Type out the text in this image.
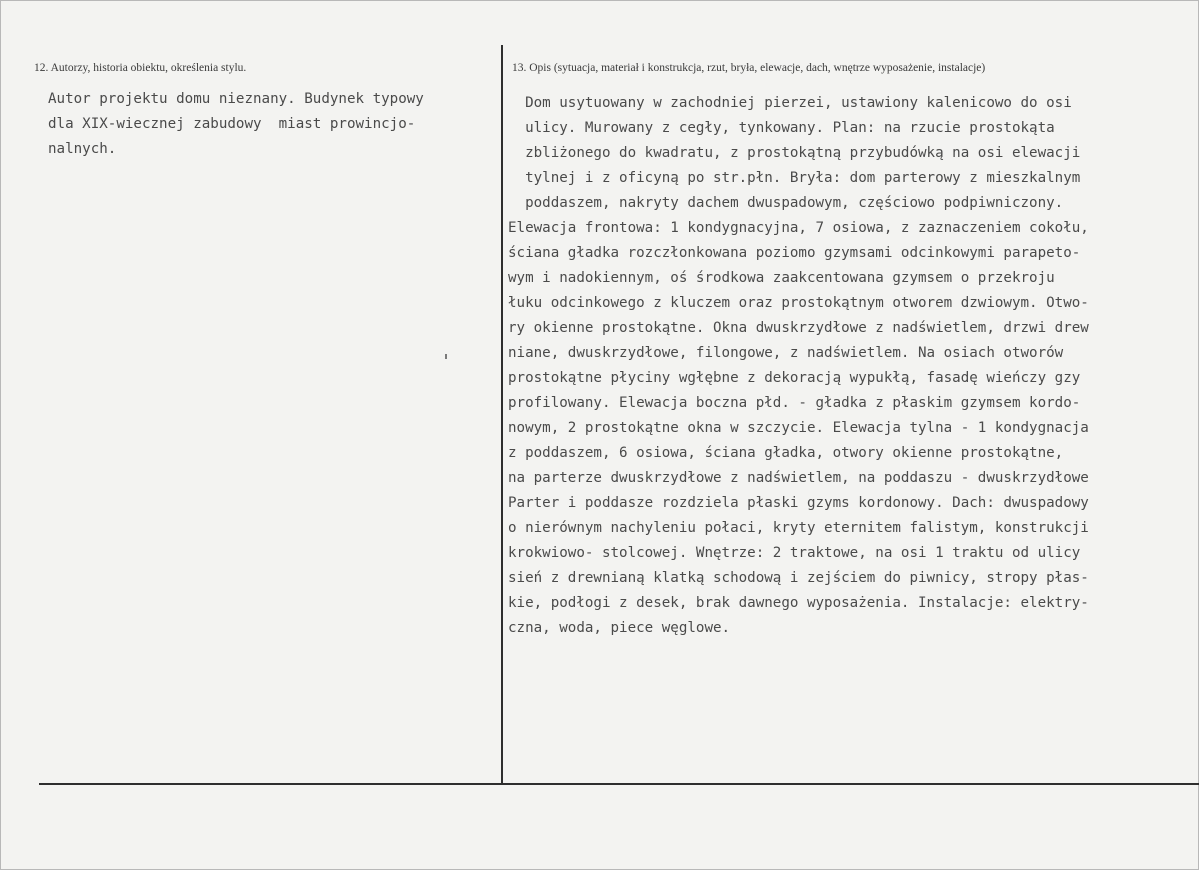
12. Autorzy, historia obiektu, określenia stylu.	13. Opis (sytuacja, materiał i konstrukcja, rzut, bryła, elewacje, dach, wnętrze wyposażenie, instalacje)
Autor projektu domu nieznany. Budynek typowy
dla XIX-wiecznej zabudowy  miast prowincjo-
nalnych.
Dom usytuowany w zachodniej pierzei, ustawiony kalenicowo do osi
ulicy. Murowany z cegły, tynkowany. Plan: na rzucie prostokąta
zbliżonego do kwadratu, z prostokątną przybudówką na osi elewacji
tylnej i z oficyną po str.płn. Bryła: dom parterowy z mieszkalnym
poddaszem, nakryty dachem dwuspadowym, częściowo podpiwniczony.
Elewacja frontowa: 1 kondygnacyjna, 7 osiowa, z zaznaczeniem cokołu,
ściana gładka rozczłonkowana poziomo gzymsami odcinkowymi parapeto-
wym i nadokiennym, oś środkowa zaakcentowana gzymsem o przekroju
łuku odcinkowego z kluczem oraz prostokątnym otworem dzwiowym. Otwo-
ry okienne prostokątne. Okna dwuskrzydłowe z nadświetlem, drzwi drew
niane, dwuskrzydłowe, filongowe, z nadświetlem. Na osiach otworów
prostokątne płyciny wgłębne z dekoracją wypukłą, fasadę wieńczy gzy
profilowany. Elewacja boczna płd. - gładka z płaskim gzymsem kordo-
nowym, 2 prostokątne okna w szczycie. Elewacja tylna - 1 kondygnacja
z poddaszem, 6 osiowa, ściana gładka, otwory okienne prostokątne,
na parterze dwuskrzydłowe z nadświetlem, na poddaszu - dwuskrzydłowe
Parter i poddasze rozdziela płaski gzyms kordonowy. Dach: dwuspadowy
o nierównym nachyleniu połaci, kryty eternitem falistym, konstrukcji
krokwiowo- stolcowej. Wnętrze: 2 traktowe, na osi 1 traktu od ulicy
sień z drewnianą klatką schodową i zejściem do piwnicy, stropy płas-
kie, podłogi z desek, brak dawnego wyposażenia. Instalacje: elektry-
czna, woda, piece węglowe.
